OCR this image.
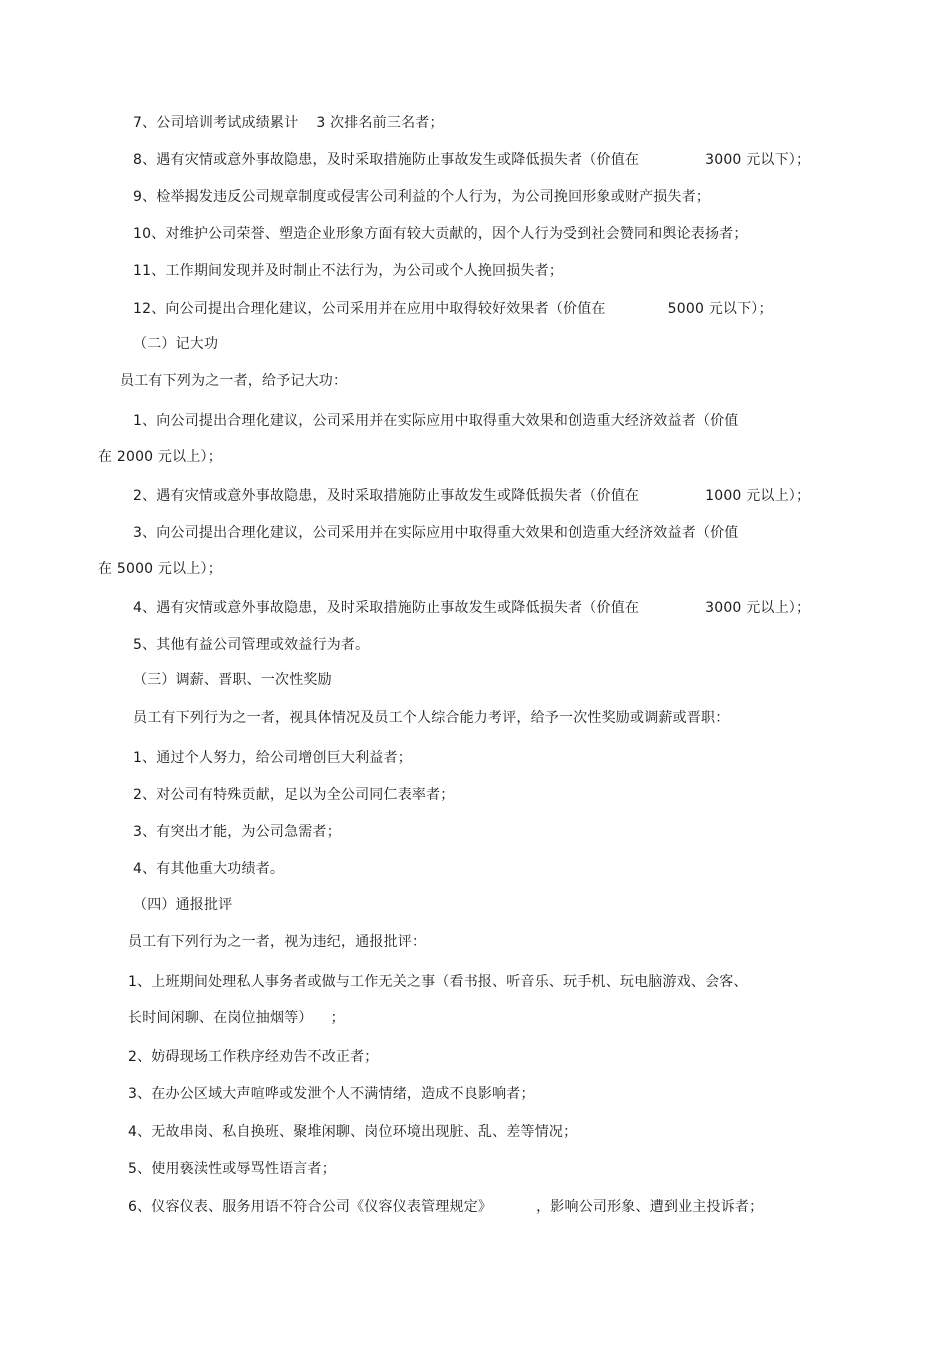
7、公司培训考试成绩累计 3 次排名前三名者；
8、遇有灾情或意外事故隐患，及时采取措施防止事故发生或降低损失者（价值在	3000 元以下）；
9、检举揭发违反公司规章制度或侵害公司利益的个人行为，为公司挽回形象或财产损失者；
10、对维护公司荣誉、塑造企业形象方面有较大贡献的，因个人行为受到社会赞同和舆论表扬者；
11、工作期间发现并及时制止不法行为，为公司或个人挽回损失者；
12、向公司提出合理化建议，公司采用并在应用中取得较好效果者（价值在	5000 元以下）；
（二）记大功
员工有下列为之一者，给予记大功：
1、向公司提出合理化建议，公司采用并在实际应用中取得重大效果和创造重大经济效益者（价值
在 2000 元以上）；
2、遇有灾情或意外事故隐患，及时采取措施防止事故发生或降低损失者（价值在	1000 元以上）；
3、向公司提出合理化建议，公司采用并在实际应用中取得重大效果和创造重大经济效益者（价值
在 5000 元以上）；
4、遇有灾情或意外事故隐患，及时采取措施防止事故发生或降低损失者（价值在	3000 元以上）；
5、其他有益公司管理或效益行为者。
（三）调薪、晋职、一次性奖励
员工有下列行为之一者，视具体情况及员工个人综合能力考评，给予一次性奖励或调薪或晋职：
1、通过个人努力，给公司增创巨大利益者；
2、对公司有特殊贡献，足以为全公司同仁表率者；
3、有突出才能，为公司急需者；
4、有其他重大功绩者。
（四）通报批评
员工有下列行为之一者，视为违纪，通报批评：
1、上班期间处理私人事务者或做与工作无关之事（看书报、听音乐、玩手机、玩电脑游戏、会客、
长时间闲聊、在岗位抽烟等） ；
2、妨碍现场工作秩序经劝告不改正者；
3、在办公区域大声喧哗或发泄个人不满情绪，造成不良影响者；
4、无故串岗、私自换班、聚堆闲聊、岗位环境出现脏、乱、差等情况；
5、使用亵渎性或辱骂性语言者；
6、仪容仪表、服务用语不符合公司《仪容仪表管理规定》	，影响公司形象、遭到业主投诉者；
